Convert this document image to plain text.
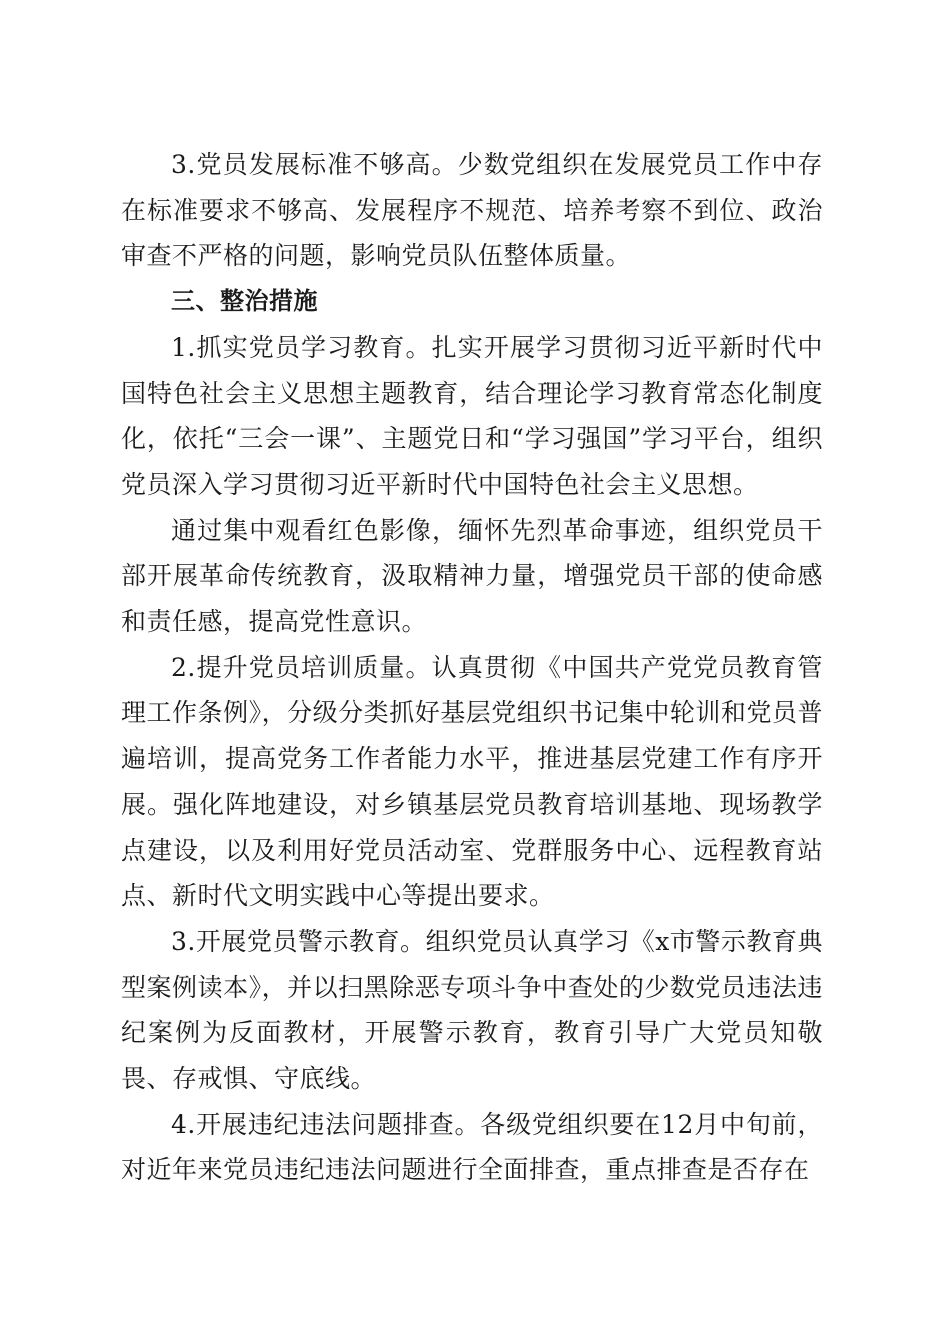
3.党员发展标准不够高。少数党组织在发展党员工作中存在标准要求不够高、发展程序不规范、培养考察不到位、政治审查不严格的问题，影响党员队伍整体质量。

三、整治措施

1.抓实党员学习教育。扎实开展学习贯彻习近平新时代中国特色社会主义思想主题教育，结合理论学习教育常态化制度化，依托“三会一课”、主题党日和“学习强国”学习平台，组织党员深入学习贯彻习近平新时代中国特色社会主义思想。

通过集中观看红色影像，缅怀先烈革命事迹，组织党员干部开展革命传统教育，汲取精神力量，增强党员干部的使命感和责任感，提高党性意识。

2.提升党员培训质量。认真贯彻《中国共产党党员教育管理工作条例》，分级分类抓好基层党组织书记集中轮训和党员普遍培训，提高党务工作者能力水平，推进基层党建工作有序开展。强化阵地建设，对乡镇基层党员教育培训基地、现场教学点建设，以及利用好党员活动室、党群服务中心、远程教育站点、新时代文明实践中心等提出要求。

3.开展党员警示教育。组织党员认真学习《x市警示教育典型案例读本》，并以扫黑除恶专项斗争中查处的少数党员违法违纪案例为反面教材，开展警示教育，教育引导广大党员知敬畏、存戒惧、守底线。

4.开展违纪违法问题排查。各级党组织要在12月中旬前，对近年来党员违纪违法问题进行全面排查，重点排查是否存在
